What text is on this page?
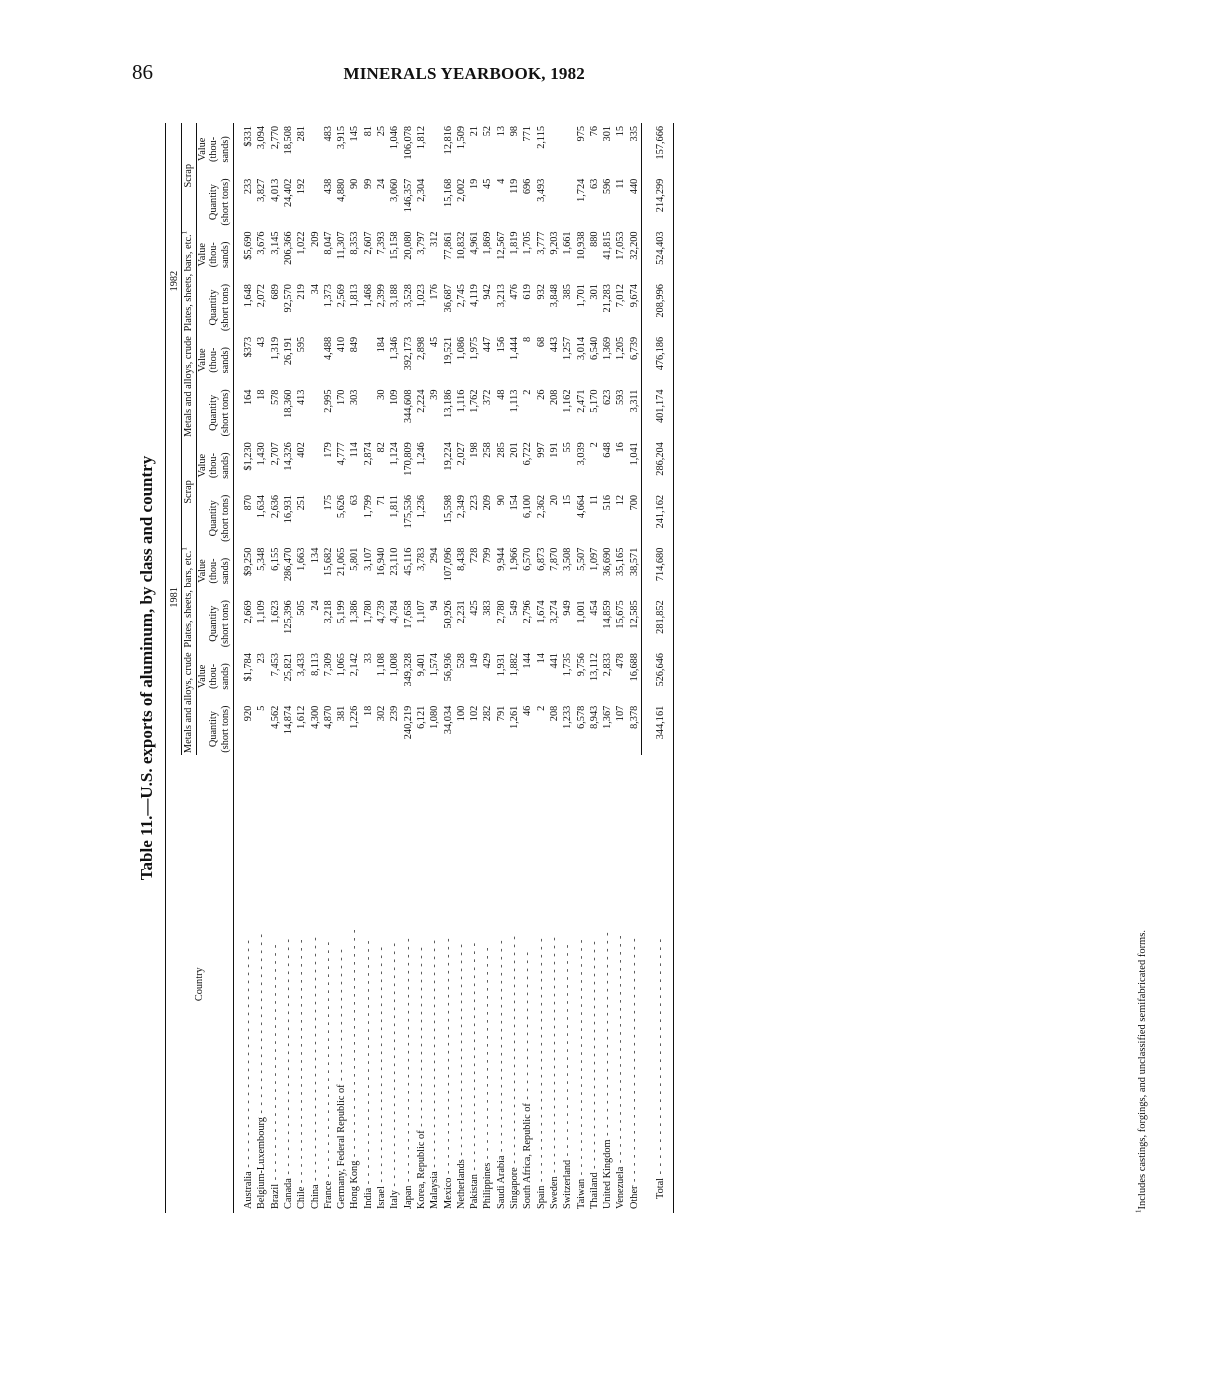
86	MINERALS YEARBOOK, 1982
Table 11.—U.S. exports of aluminum, by class and country
Country	1981						1982					
	Metals and alloys, crude		Plates, sheets, bars, etc.$^1$		Scrap		Metals and alloys, crude		Plates, sheets, bars, etc.$^1$		Scrap	
	Quantity (short tons)	Value (thou- sands)	Quantity (short tons)	Value (thou- sands)	Quantity (short tons)	Value (thou- sands)	Quantity (short tons)	Value (thou- sands)	Quantity (short tons)	Value (thou- sands)	Quantity (short tons)	Value (thou- sands)
Australia - - - - - - - - - - - - - - - - - - - - - - - - - - - - -	920	$1,784	2,669	$9,250	870	$1,230	164	$373	1,648	$5,690	233	$331
Belgium-Luxembourg - - - - - - - - - - - - - - - - - - - - - - -	5	23	1,109	5,348	1,634	1,430	18	43	2,072	3,676	3,827	3,094
Brazil - - - - - - - - - - - - - - - - - - - - - - - - - - - - - -	4,562	7,453	1,623	6,155	2,636	2,707	578	1,319	689	3,145	4,013	2,770
Canada - - - - - - - - - - - - - - - - - - - - - - - - - - - - - -	14,874	25,821	125,396	286,470	16,931	14,326	18,360	26,191	92,570	206,366	24,402	18,508
Chile - - - - - - - - - - - - - - - - - - - - - - - - - - - - - - -	1,612	3,433	505	1,663	251	402	413	595	219	1,022	192	281
China - - - - - - - - - - - - - - - - - - - - - - - - - - - - - - -	4,300	8,113	24	134					34	209		
France - - - - - - - - - - - - - - - - - - - - - - - - - - - - - -	4,870	7,309	3,218	15,682	175	179	2,995	4,488	1,373	8,047	438	483
Germany, Federal Republic of - - - - - - - - - - - - - - - - -	381	1,065	5,199	21,065	5,626	4,777	170	410	2,569	11,307	4,880	3,915
Hong Kong - - - - - - - - - - - - - - - - - - - - - - - - - - - - -	1,226	2,142	1,386	5,801	63	114	303	849	1,813	8,353	90	145
India - - - - - - - - - - - - - - - - - - - - - - - - - - - - - - -	18	33	1,780	3,107	1,799	2,874			1,468	2,607	99	81
Israel - - - - - - - - - - - - - - - - - - - - - - - - - - - - - -	302	1,108	4,739	16,940	71	82	30	184	2,399	7,393	24	25
Italy - - - - - - - - - - - - - - - - - - - - - - - - - - - - - - -	239	1,008	4,784	23,110	1,811	1,124	109	1,346	3,188	15,158	3,060	1,046
Japan - - - - - - - - - - - - - - - - - - - - - - - - - - - - - - -	240,219	349,328	17,658	45,116	175,536	170,809	344,608	392,173	3,528	20,080	146,357	106,078
Korea, Republic of - - - - - - - - - - - - - - - - - - - - - - -	6,121	9,401	1,107	3,783	1,236	1,246	2,224	2,898	1,023	3,797	2,304	1,812
Malaysia - - - - - - - - - - - - - - - - - - - - - - - - - - - - -	1,080	1,574	94	294			39	45	176	312		
Mexico - - - - - - - - - - - - - - - - - - - - - - - - - - - - - -	34,034	56,936	50,926	107,096	15,598	19,224	13,186	19,521	36,687	77,861	15,168	12,816
Netherlands - - - - - - - - - - - - - - - - - - - - - - - - - - -	100	528	2,231	8,438	2,349	2,027	1,116	1,086	2,745	10,832	2,002	1,509
Pakistan - - - - - - - - - - - - - - - - - - - - - - - - - - - - -	102	149	425	728	223	198	1,762	1,975	4,119	4,961	19	21
Philippines - - - - - - - - - - - - - - - - - - - - - - - - - - -	282	429	383	799	209	258	372	447	942	1,869	45	52
Saudi Arabia - - - - - - - - - - - - - - - - - - - - - - - - - - -	791	1,931	2,780	9,944	90	285	48	156	3,213	12,567	4	13
Singapore - - - - - - - - - - - - - - - - - - - - - - - - - - - - -	1,261	1,882	549	1,966	154	201	1,113	1,444	476	1,819	119	98
South Africa, Republic of - - - - - - - - - - - - - - - - - - -	46	144	2,796	6,570	6,100	6,722	2	8	619	1,705	696	771
Spain - - - - - - - - - - - - - - - - - - - - - - - - - - - - - - -	2	14	1,674	6,873	2,362	997	26	68	932	3,777	3,493	2,115
Sweden - - - - - - - - - - - - - - - - - - - - - - - - - - - - - -	208	441	3,274	7,870	20	191	208	443	3,848	9,203		
Switzerland - - - - - - - - - - - - - - - - - - - - - - - - - - -	1,233	1,735	949	3,508	15	55	1,162	1,257	385	1,661		
Taiwan - - - - - - - - - - - - - - - - - - - - - - - - - - - - - -	6,578	9,756	1,001	5,507	4,664	3,039	2,471	3,014	1,701	10,938	1,724	975
Thailand - - - - - - - - - - - - - - - - - - - - - - - - - - - - -	8,943	13,112	454	1,097	11	2	5,170	6,540	301	880	63	76
United Kingdom - - - - - - - - - - - - - - - - - - - - - - - - - -	1,367	2,833	14,859	36,690	516	648	623	1,369	21,283	41,815	596	301
Venezuela - - - - - - - - - - - - - - - - - - - - - - - - - - - - -	107	478	15,675	35,165	12	16	593	1,205	7,012	17,053	11	15
Other - - - - - - - - - - - - - - - - - - - - - - - - - - - - - - -	8,378	16,688	12,585	38,571	700	1,041	3,311	6,739	9,674	32,200	440	335
Total - - - - - - - - - - - - - - - - - - - - - - - - - - - - - -	344,161	526,646	281,852	714,680	241,162	286,204	401,174	476,186	208,996	524,403	214,299	157,666
$^1$Includes castings, forgings, and unclassified semifabricated forms.
